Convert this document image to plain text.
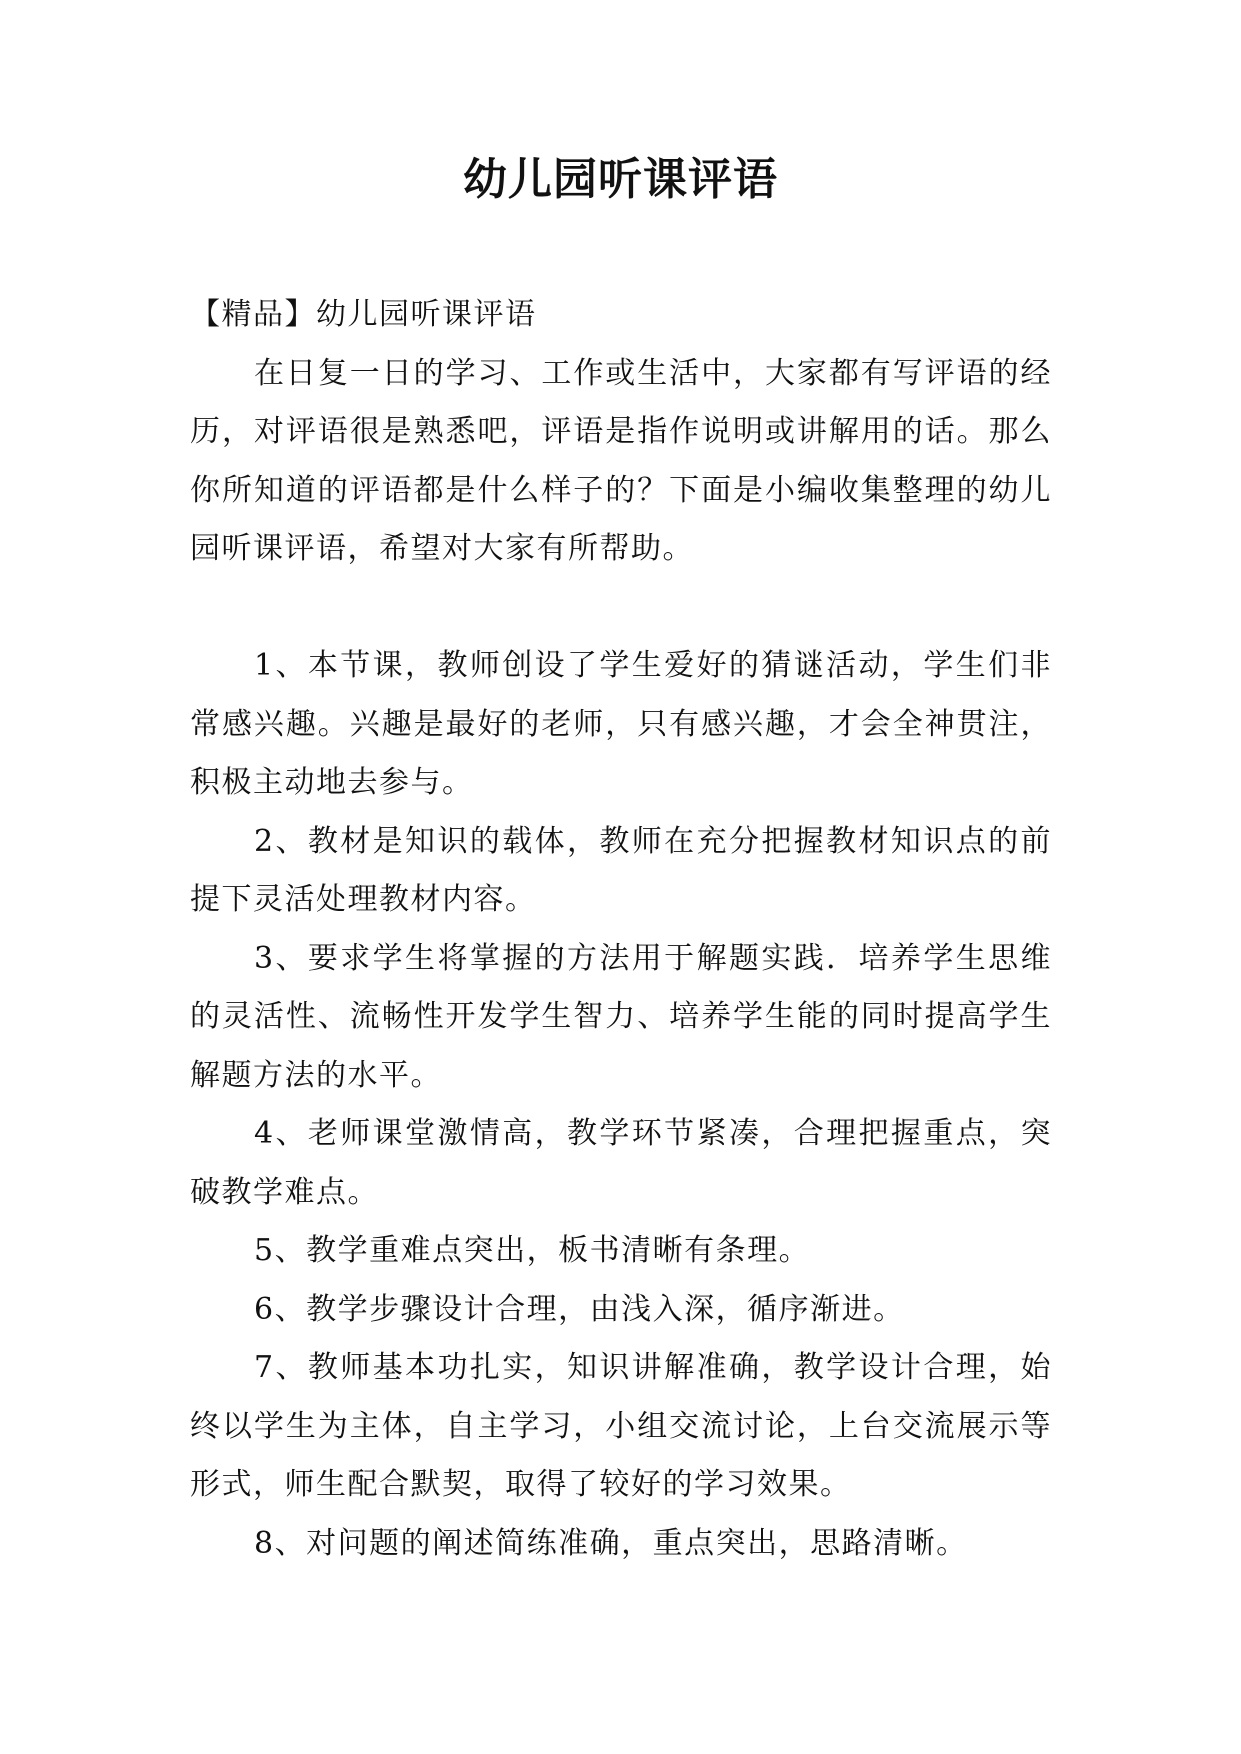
幼儿园听课评语

【精品】幼儿园听课评语

在日复一日的学习、工作或生活中，大家都有写评语的经历，对评语很是熟悉吧，评语是指作说明或讲解用的话。那么你所知道的评语都是什么样子的？下面是小编收集整理的幼儿园听课评语，希望对大家有所帮助。

1、本节课，教师创设了学生爱好的猜谜活动，学生们非常感兴趣。兴趣是最好的老师，只有感兴趣，才会全神贯注，积极主动地去参与。

2、教材是知识的载体，教师在充分把握教材知识点的前提下灵活处理教材内容。

3、要求学生将掌握的方法用于解题实践．培养学生思维的灵活性、流畅性开发学生智力、培养学生能的同时提高学生解题方法的水平。

4、老师课堂激情高，教学环节紧凑，合理把握重点，突破教学难点。

5、教学重难点突出，板书清晰有条理。

6、教学步骤设计合理，由浅入深，循序渐进。

7、教师基本功扎实，知识讲解准确，教学设计合理，始终以学生为主体，自主学习，小组交流讨论，上台交流展示等形式，师生配合默契，取得了较好的学习效果。

8、对问题的阐述简练准确，重点突出，思路清晰。
